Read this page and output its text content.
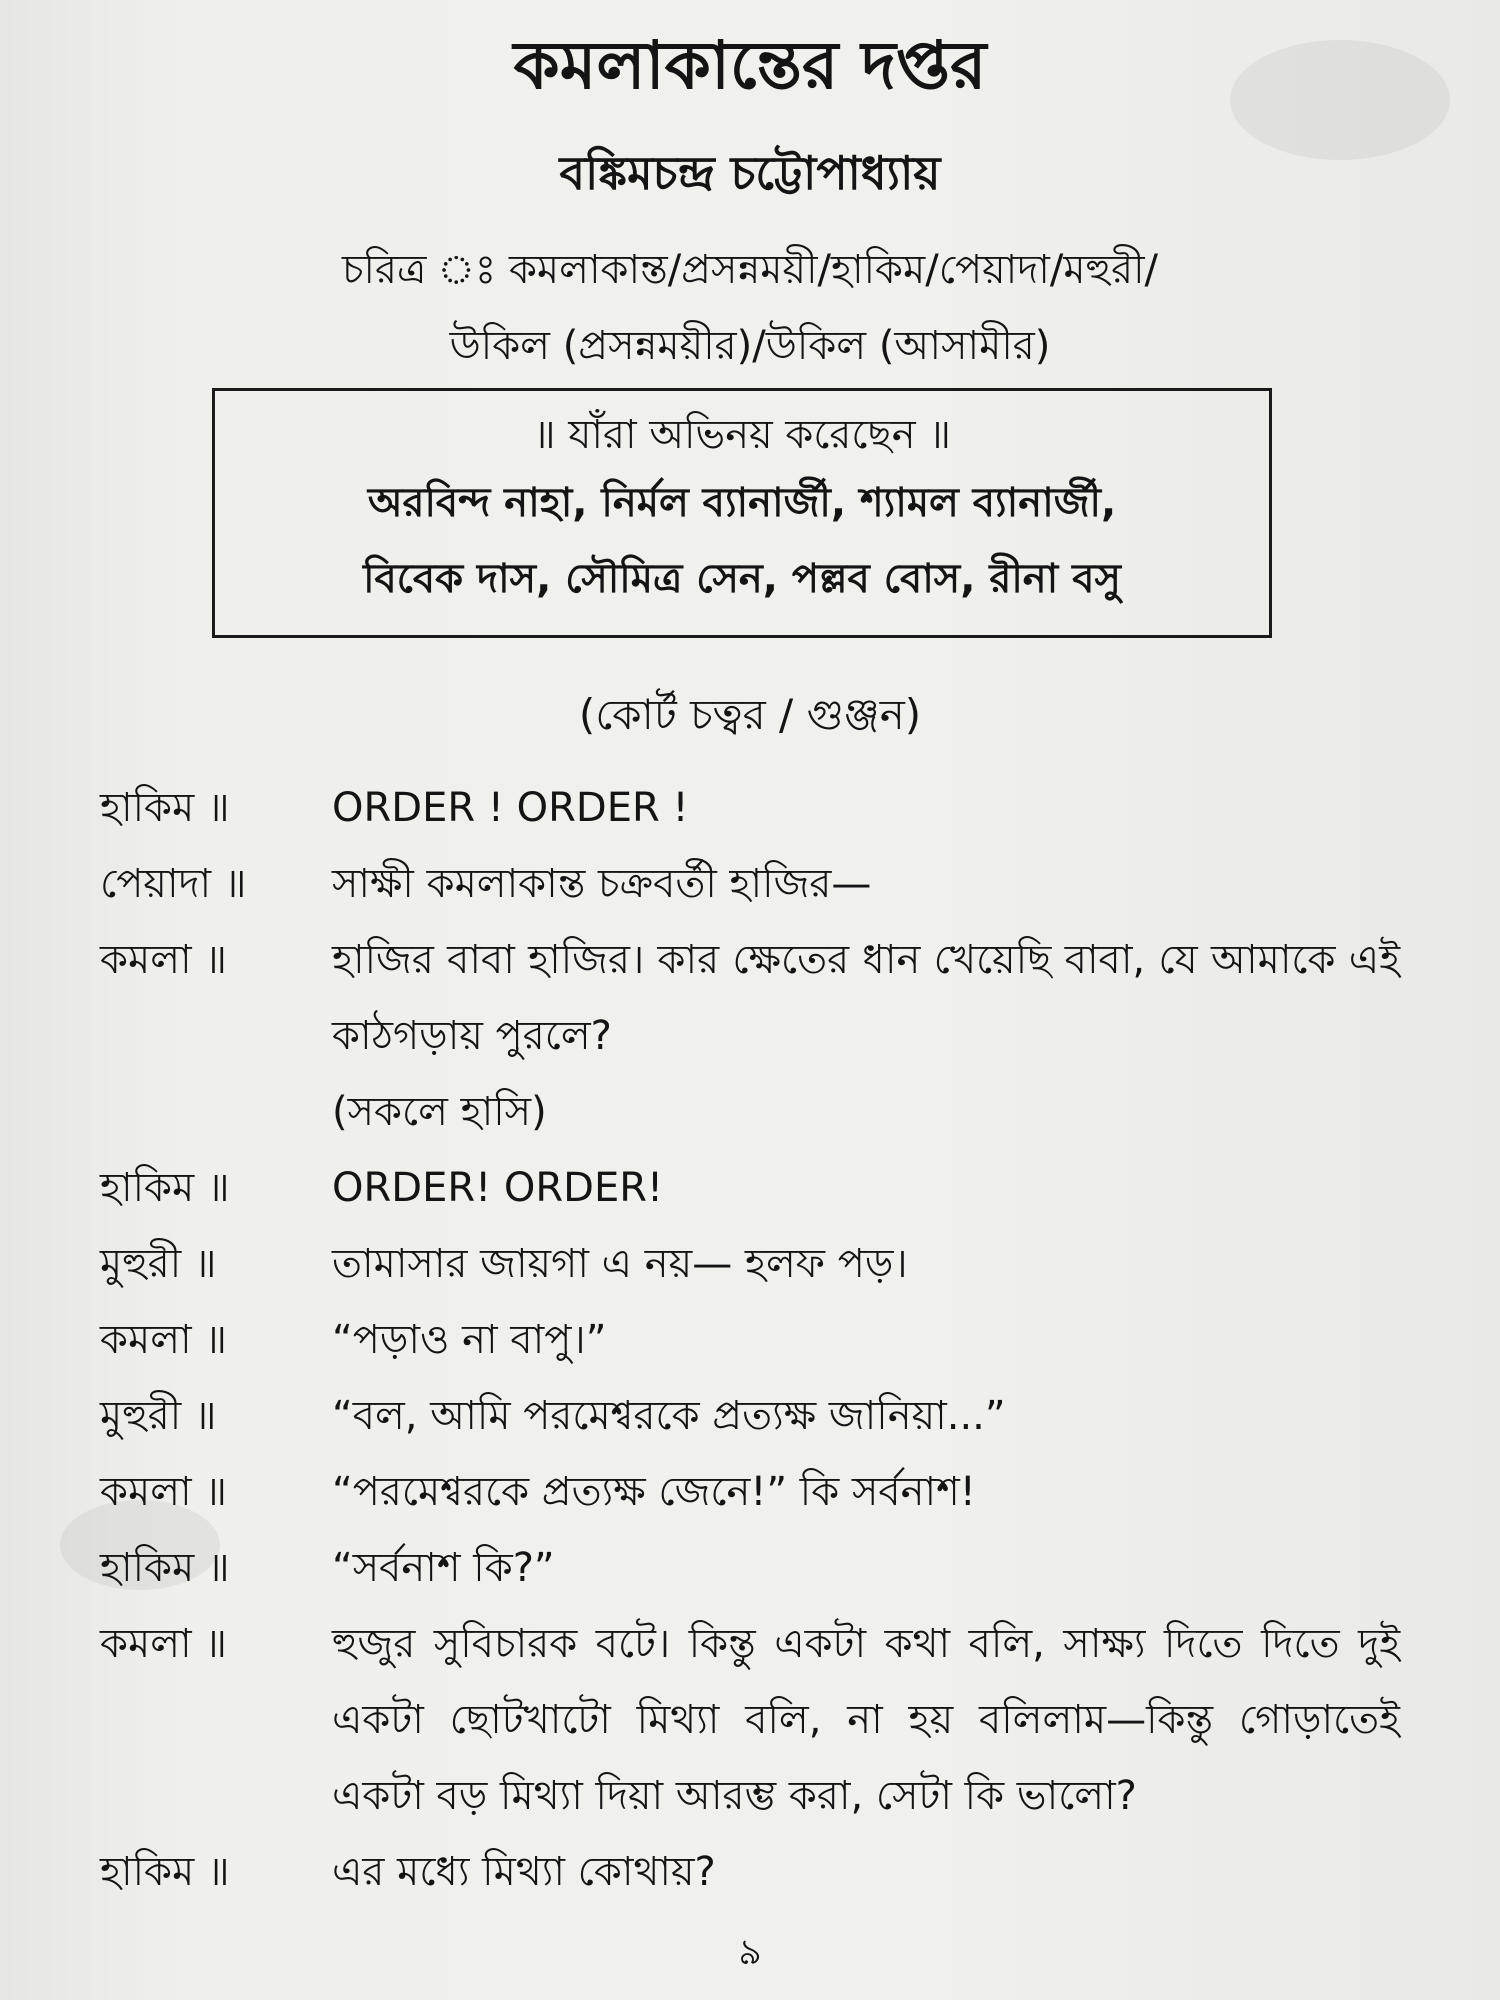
কমলাকান্তের দপ্তর
বঙ্কিমচন্দ্র চট্টোপাধ্যায়
চরিত্র ঃ কমলাকান্ত/প্রসন্নময়ী/হাকিম/পেয়াদা/মহুরী/
উকিল (প্রসন্নময়ীর)/উকিল (আসামীর)
॥ যাঁরা অভিনয় করেছেন ॥
অরবিন্দ নাহা, নির্মল ব্যানার্জী, শ্যামল ব্যানার্জী,
বিবেক দাস, সৌমিত্র সেন, পল্লব বোস, রীনা বসু
(কোর্ট চত্বর / গুঞ্জন)
হাকিম ॥	ORDER ! ORDER !
পেয়াদা ॥	সাক্ষী কমলাকান্ত চক্রবর্তী হাজির—
কমলা ॥	হাজির বাবা হাজির। কার ক্ষেতের ধান খেয়েছি বাবা, যে আমাকে এই কাঠগড়ায় পুরলে?
(সকলে হাসি)
হাকিম ॥	ORDER! ORDER!
মুহুরী ॥	তামাসার জায়গা এ নয়— হলফ পড়।
কমলা ॥	“পড়াও না বাপু।”
মুহুরী ॥	“বল, আমি পরমেশ্বরকে প্রত্যক্ষ জানিয়া...”
কমলা ॥	“পরমেশ্বরকে প্রত্যক্ষ জেনে!” কি সর্বনাশ!
হাকিম ॥	“সর্বনাশ কি?”
কমলা ॥	হুজুর সুবিচারক বটে। কিন্তু একটা কথা বলি, সাক্ষ্য দিতে দিতে দুই একটা ছোটখাটো মিথ্যা বলি, না হয় বলিলাম—কিন্তু গোড়াতেই একটা বড় মিথ্যা দিয়া আরম্ভ করা, সেটা কি ভালো?
হাকিম ॥	এর মধ্যে মিথ্যা কোথায়?
৯
